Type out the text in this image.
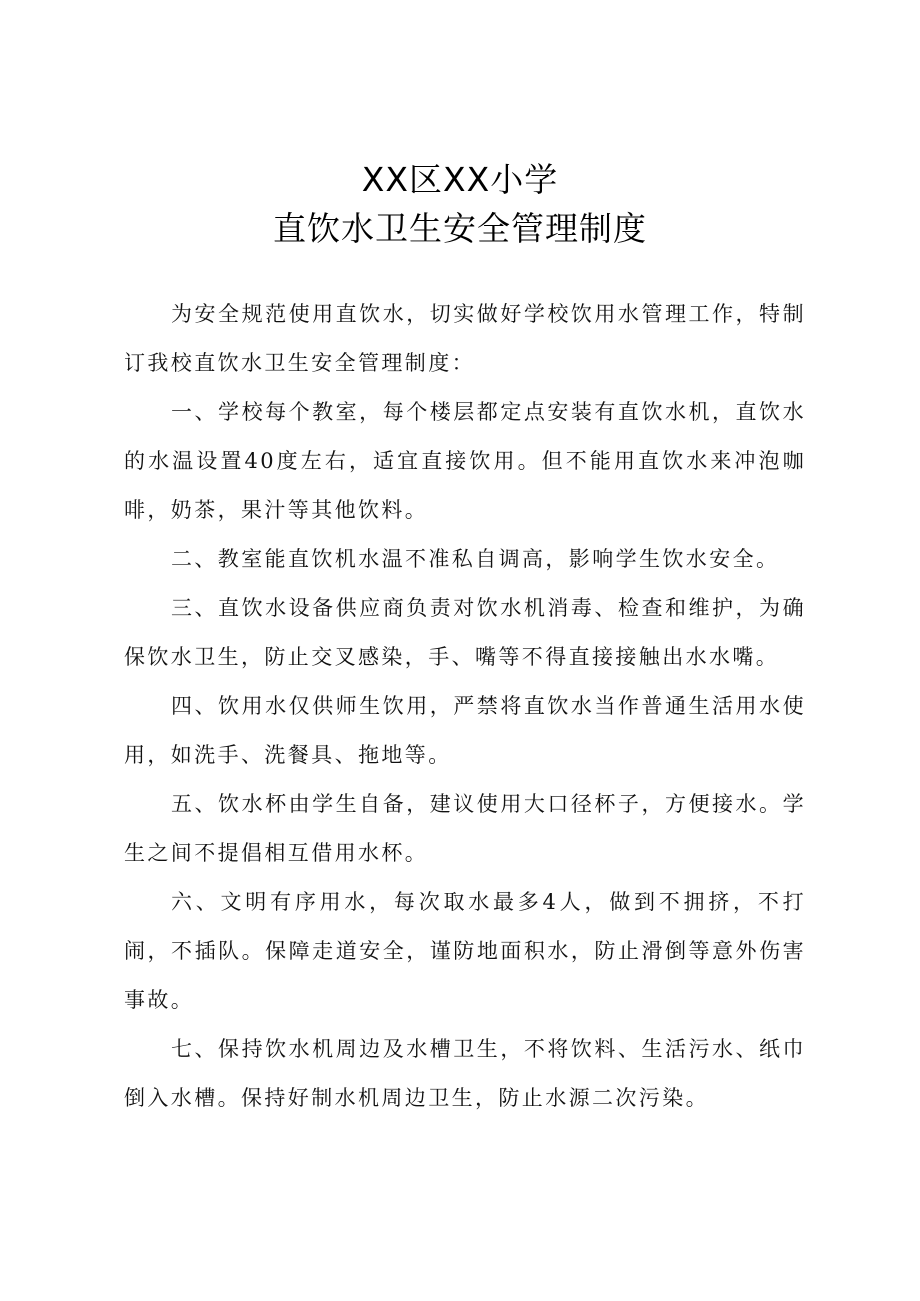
XX区XX小学
直饮水卫生安全管理制度

为安全规范使用直饮水，切实做好学校饮用水管理工作，特制订我校直饮水卫生安全管理制度：

一、学校每个教室，每个楼层都定点安装有直饮水机，直饮水的水温设置40度左右，适宜直接饮用。但不能用直饮水来冲泡咖啡，奶茶，果汁等其他饮料。

二、教室能直饮机水温不准私自调高，影响学生饮水安全。

三、直饮水设备供应商负责对饮水机消毒、检查和维护，为确保饮水卫生，防止交叉感染，手、嘴等不得直接接触出水水嘴。

四、饮用水仅供师生饮用，严禁将直饮水当作普通生活用水使用，如洗手、洗餐具、拖地等。

五、饮水杯由学生自备，建议使用大口径杯子，方便接水。学生之间不提倡相互借用水杯。

六、文明有序用水，每次取水最多4人，做到不拥挤，不打闹，不插队。保障走道安全，谨防地面积水，防止滑倒等意外伤害事故。

七、保持饮水机周边及水槽卫生，不将饮料、生活污水、纸巾倒入水槽。保持好制水机周边卫生，防止水源二次污染。
